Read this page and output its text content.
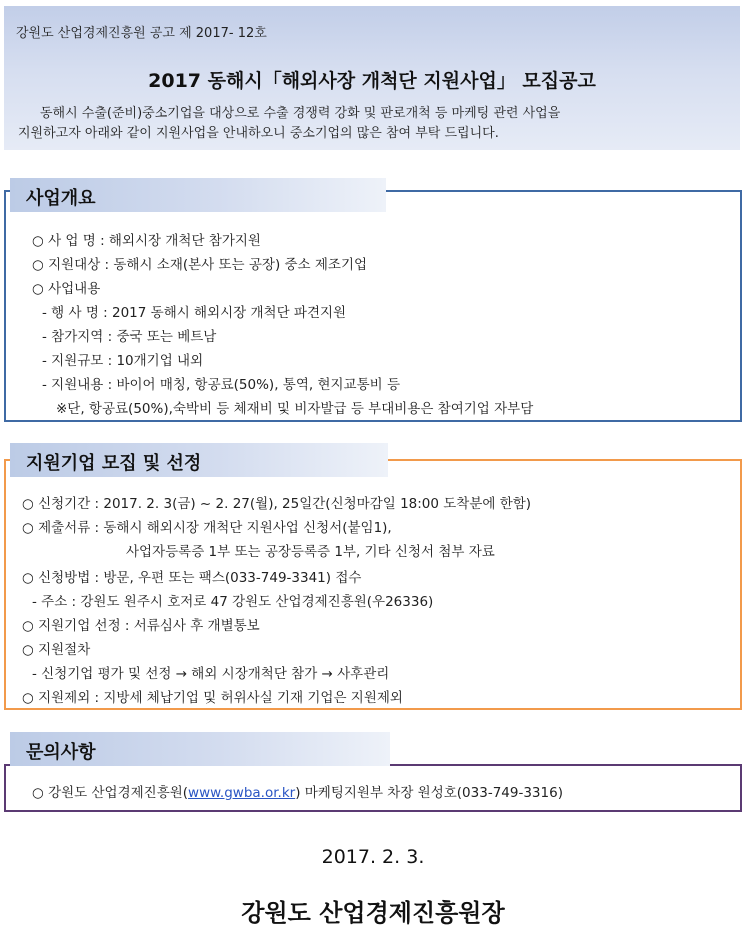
강원도 산업경제진흥원 공고 제 2017- 12호
2017 동해시「해외사장 개척단 지원사업」 모집공고
동해시 수출(준비)중소기업을 대상으로 수출 경쟁력 강화 및 판로개척 등 마케팅 관련 사업을
지원하고자 아래와 같이 지원사업을 안내하오니 중소기업의 많은 참여 부탁 드립니다.
사업개요
○ 사 업 명 : 해외시장 개척단 참가지원
○ 지원대상 : 동해시 소재(본사 또는 공장) 중소 제조기업
○ 사업내용
- 행 사 명 : 2017 동해시 해외시장 개척단 파견지원
- 참가지역 : 중국 또는 베트남
- 지원규모 : 10개기업 내외
- 지원내용 : 바이어 매칭, 항공료(50%), 통역, 현지교통비 등
※단, 항공료(50%),숙박비 등 체재비 및 비자발급 등 부대비용은 참여기업 자부담
지원기업 모집 및 선정
○ 신청기간 : 2017. 2. 3(금) ~ 2. 27(월), 25일간(신청마감일 18:00 도착분에 한함)
○ 제출서류 : 동해시 해외시장 개척단 지원사업 신청서(붙임1),
사업자등록증 1부 또는 공장등록증 1부, 기타 신청서 첨부 자료
○ 신청방법 : 방문, 우편 또는 팩스(033-749-3341) 접수
- 주소 : 강원도 원주시 호저로 47 강원도 산업경제진흥원(우26336)
○ 지원기업 선정 : 서류심사 후 개별통보
○ 지원절차
- 신청기업 평가 및 선정 → 해외 시장개척단 참가 → 사후관리
○ 지원제외 : 지방세 체납기업 및 허위사실 기재 기업은 지원제외
문의사항
○ 강원도 산업경제진흥원(www.gwba.or.kr) 마케팅지원부 차장 원성호(033-749-3316)
2017. 2. 3.
강원도 산업경제진흥원장
